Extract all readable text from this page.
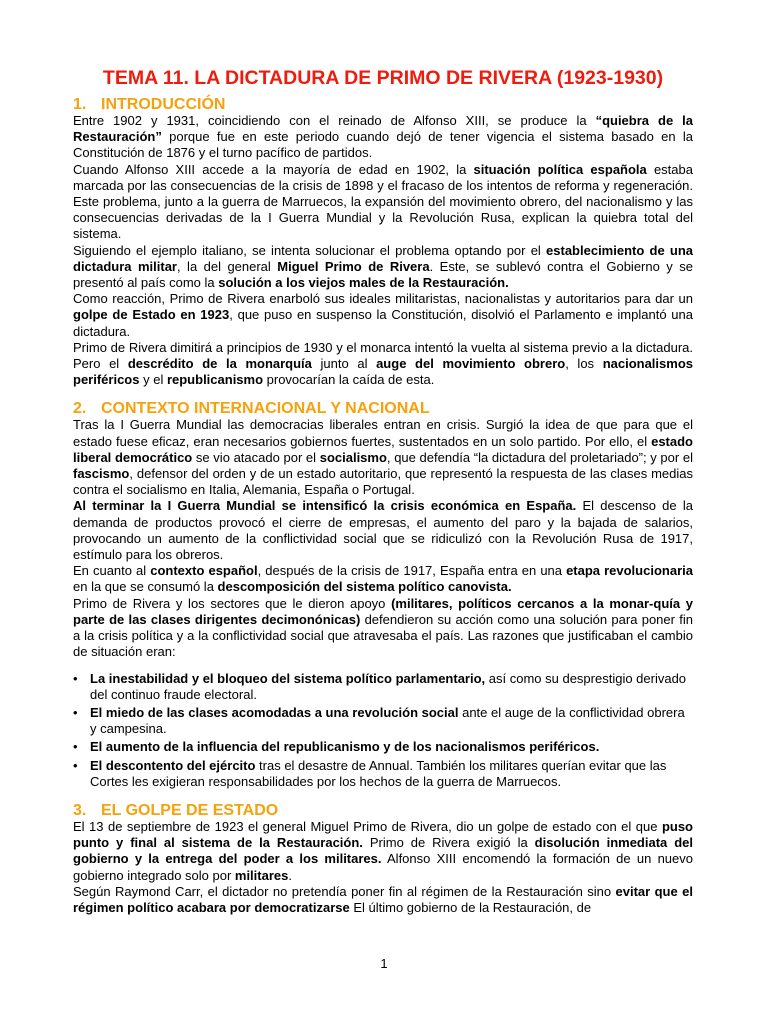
TEMA 11. LA DICTADURA DE PRIMO DE RIVERA (1923-1930)
1. INTRODUCCIÓN

Entre 1902 y 1931, coincidiendo con el reinado de Alfonso XIII, se produce la “quiebra de la Restauración” porque fue en este periodo cuando dejó de tener vigencia el sistema basado en la Constitución de 1876 y el turno pacífico de partidos.

Cuando Alfonso XIII accede a la mayoría de edad en 1902, la situación política española estaba marcada por las consecuencias de la crisis de 1898 y el fracaso de los intentos de reforma y regeneración. Este problema, junto a la guerra de Marruecos, la expansión del movimiento obrero, del nacionalismo y las consecuencias derivadas de la I Guerra Mundial y la Revolución Rusa, explican la quiebra total del sistema.

Siguiendo el ejemplo italiano, se intenta solucionar el problema optando por el establecimiento de una dictadura militar, la del general Miguel Primo de Rivera. Este, se sublevó contra el Gobierno y se presentó al país como la solución a los viejos males de la Restauración.

Como reacción, Primo de Rivera enarboló sus ideales militaristas, nacionalistas y autoritarios para dar un golpe de Estado en 1923, que puso en suspenso la Constitución, disolvió el Parlamento e implantó una dictadura.

Primo de Rivera dimitirá a principios de 1930 y el monarca intentó la vuelta al sistema previo a la dictadura. Pero el descrédito de la monarquía junto al auge del movimiento obrero, los nacionalismos periféricos y el republicanismo provocarían la caída de esta.

2. CONTEXTO INTERNACIONAL Y NACIONAL

Tras la I Guerra Mundial las democracias liberales entran en crisis. Surgió la idea de que para que el estado fuese eficaz, eran necesarios gobiernos fuertes, sustentados en un solo partido. Por ello, el estado liberal democrático se vio atacado por el socialismo, que defendía “la dictadura del proletariado”; y por el fascismo, defensor del orden y de un estado autoritario, que representó la respuesta de las clases medias contra el socialismo en Italia, Alemania, España o Portugal.

Al terminar la I Guerra Mundial se intensificó la crisis económica en España. El descenso de la demanda de productos provocó el cierre de empresas, el aumento del paro y la bajada de salarios, provocando un aumento de la conflictividad social que se ridiculizó con la Revolución Rusa de 1917, estímulo para los obreros.

En cuanto al contexto español, después de la crisis de 1917, España entra en una etapa revolucionaria en la que se consumó la descomposición del sistema político canovista.

Primo de Rivera y los sectores que le dieron apoyo (militares, políticos cercanos a la monar-quía y parte de las clases dirigentes decimonónicas) defendieron su acción como una solución para poner fin a la crisis política y a la conflictividad social que atravesaba el país. Las razones que justificaban el cambio de situación eran:

• La inestabilidad y el bloqueo del sistema político parlamentario, así como su desprestigio derivado del continuo fraude electoral.
• El miedo de las clases acomodadas a una revolución social ante el auge de la conflictividad obrera y campesina.
• El aumento de la influencia del republicanismo y de los nacionalismos periféricos.
• El descontento del ejército tras el desastre de Annual. También los militares querían evitar que las Cortes les exigieran responsabilidades por los hechos de la guerra de Marruecos.
3. EL GOLPE DE ESTADO

El 13 de septiembre de 1923 el general Miguel Primo de Rivera, dio un golpe de estado con el que puso punto y final al sistema de la Restauración. Primo de Rivera exigió la disolución inmediata del gobierno y la entrega del poder a los militares. Alfonso XIII encomendó la formación de un nuevo gobierno integrado solo por militares.

Según Raymond Carr, el dictador no pretendía poner fin al régimen de la Restauración sino evitar que el régimen político acabara por democratizarse El último gobierno de la Restauración, de

1
